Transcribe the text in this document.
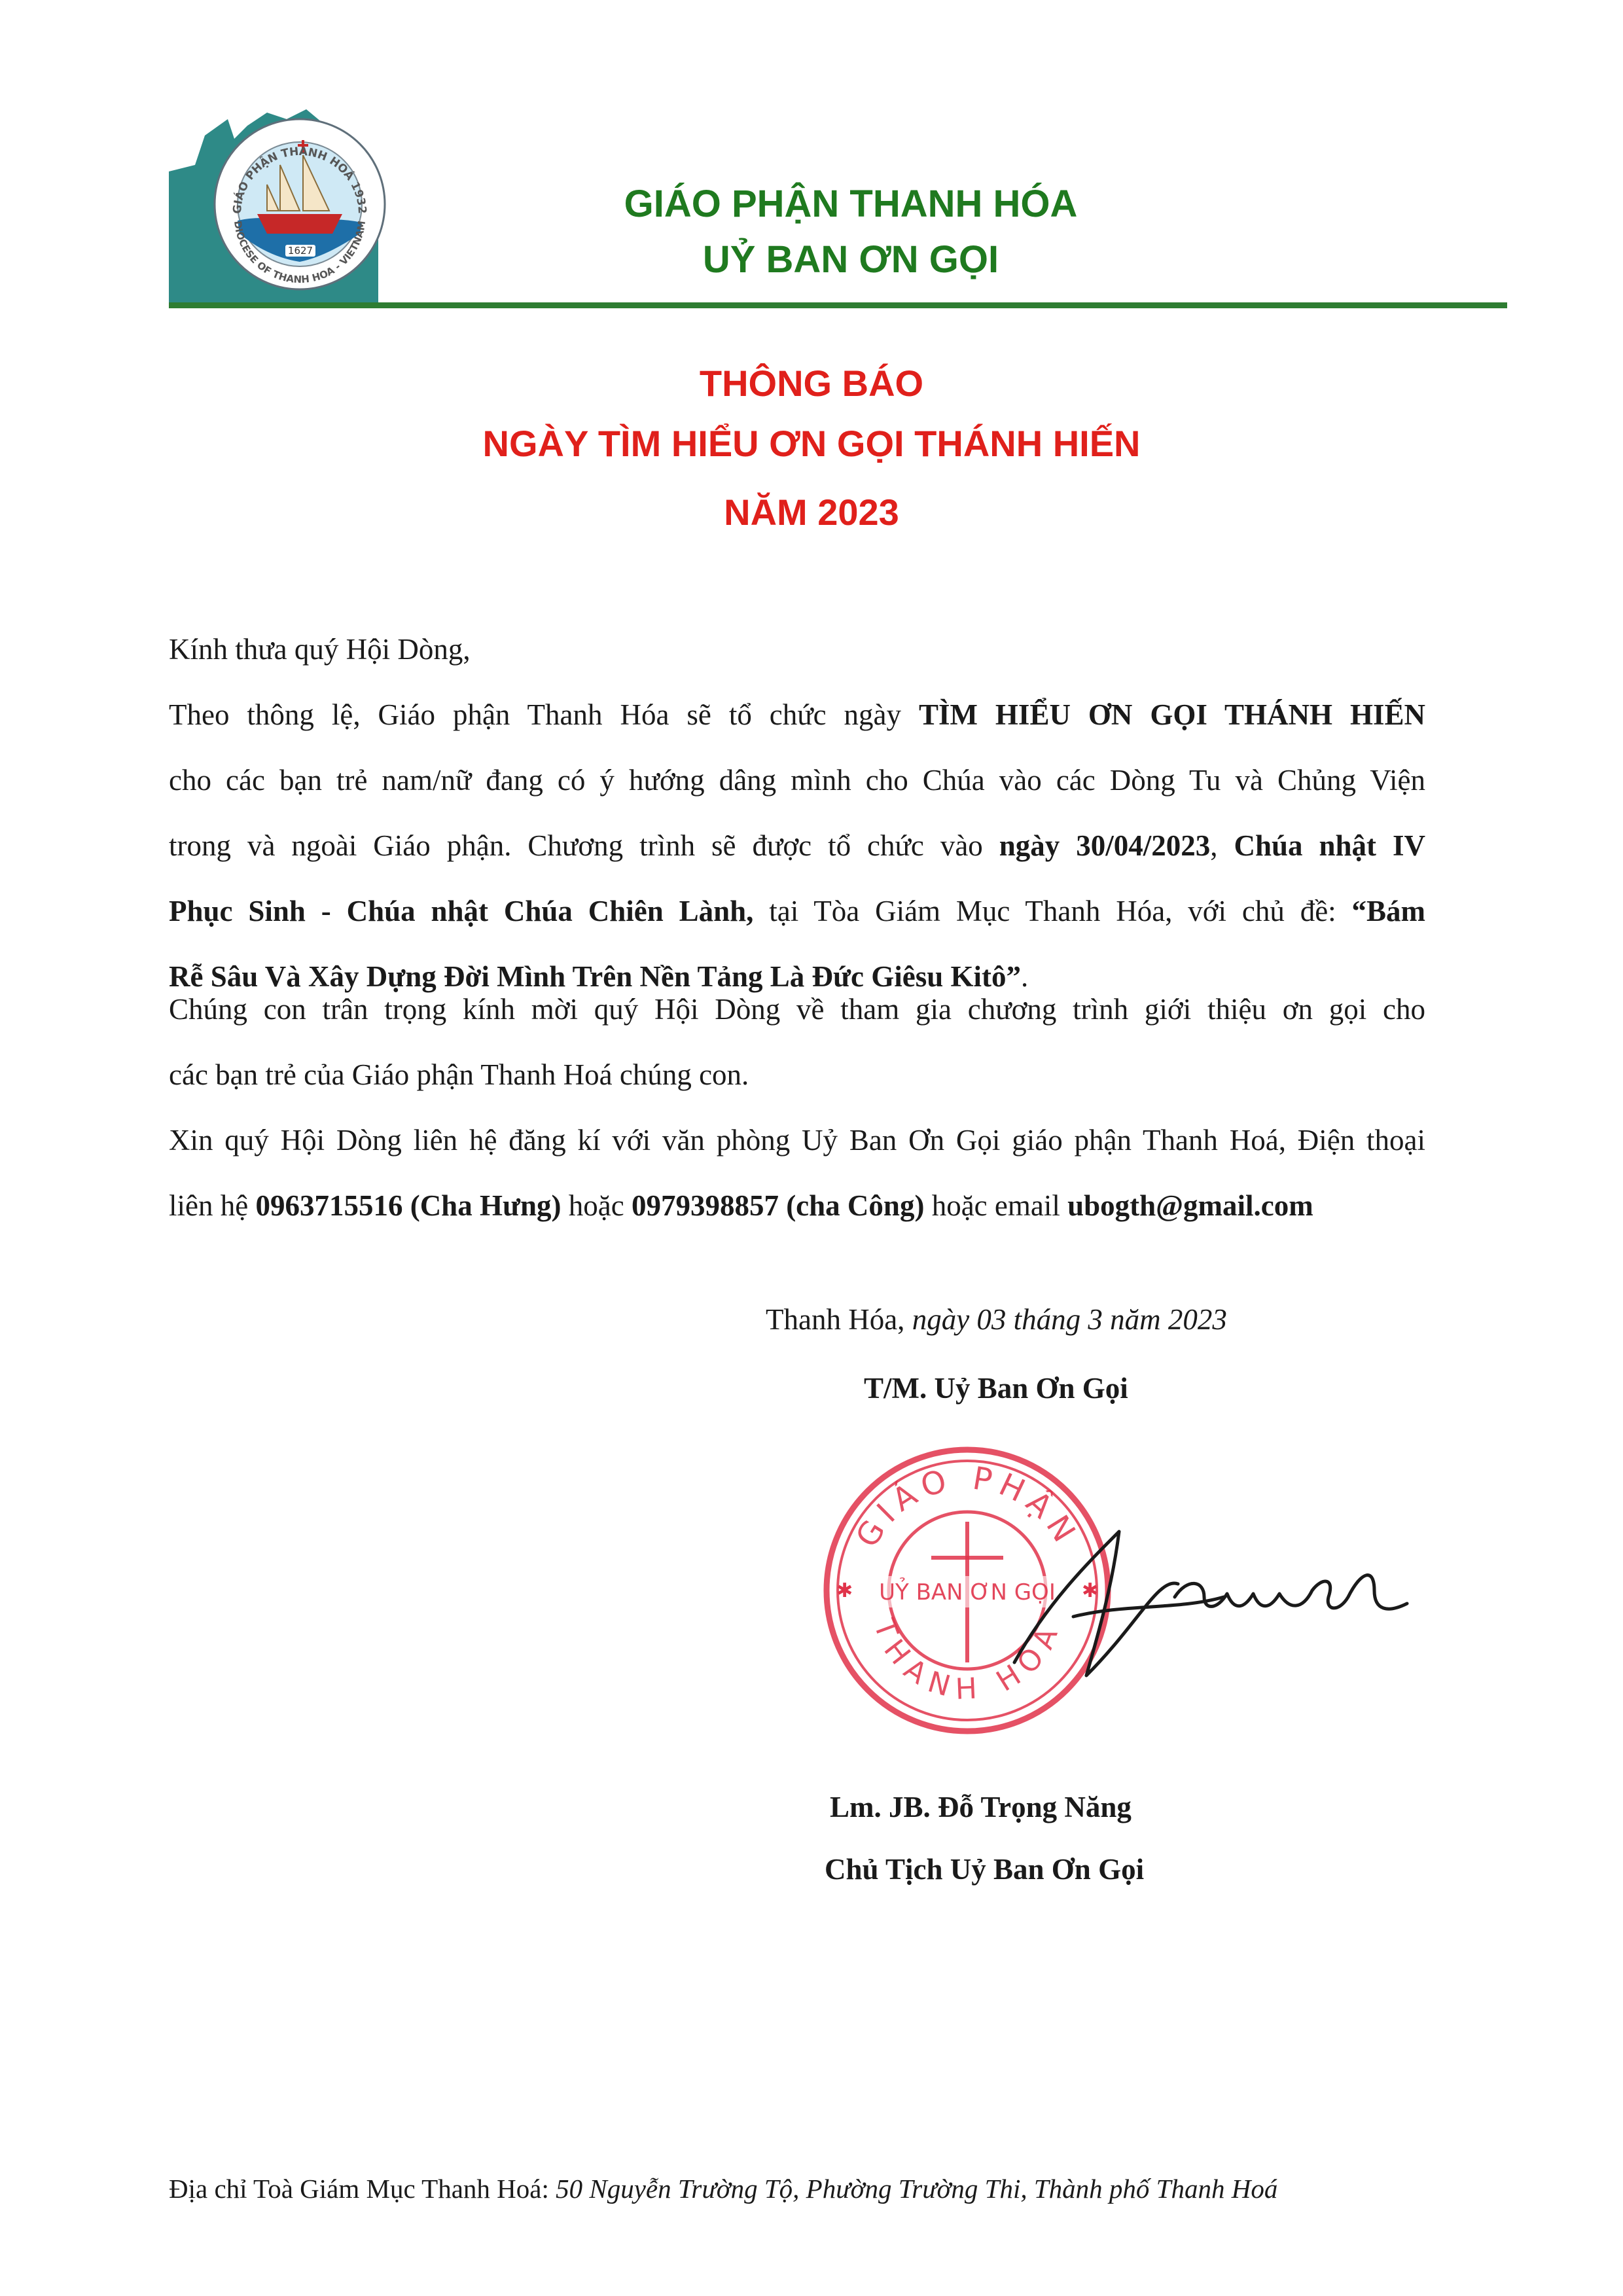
1627
GIÁO PHẬN THANH HOÁ 1932
DIOCESE OF THANH HOA - VIETNAM
GIÁO PHẬN THANH HÓA
UỶ BAN ƠN GỌI
THÔNG BÁO
NGÀY TÌM HIỂU ƠN GỌI THÁNH HIẾN
NĂM 2023
Kính thưa quý Hội Dòng,
Theo thông lệ, Giáo phận Thanh Hóa sẽ tổ chức ngày TÌM HIỂU ƠN GỌI THÁNH HIẾN
cho các bạn trẻ nam/nữ đang có ý hướng dâng mình cho Chúa vào các Dòng Tu và Chủng Viện
trong và ngoài Giáo phận. Chương trình sẽ được tổ chức vào ngày 30/04/2023, Chúa nhật IV
Phục Sinh - Chúa nhật Chúa Chiên Lành, tại Tòa Giám Mục Thanh Hóa, với chủ đề: “Bám
Rễ Sâu Và Xây Dựng Đời Mình Trên Nền Tảng Là Đức Giêsu Kitô”.
Chúng con trân trọng kính mời quý Hội Dòng về tham gia chương trình giới thiệu ơn gọi cho
các bạn trẻ của Giáo phận Thanh Hoá chúng con.
Xin quý Hội Dòng liên hệ đăng kí với văn phòng Uỷ Ban Ơn Gọi giáo phận Thanh Hoá, Điện thoại
liên hệ 0963715516 (Cha Hưng) hoặc 0979398857 (cha Công) hoặc email ubogth@gmail.com
Thanh Hóa, ngày 03 tháng 3 năm 2023
T/M. Uỷ Ban Ơn Gọi
GIÁO PHẬN
THANH HÓA
UỶ BAN ƠN GỌI
✱	✱
Lm. JB. Đỗ Trọng Năng
Chủ Tịch Uỷ Ban Ơn Gọi
Địa chỉ Toà Giám Mục Thanh Hoá: 50 Nguyễn Trường Tộ, Phường Trường Thi, Thành phố Thanh Hoá
